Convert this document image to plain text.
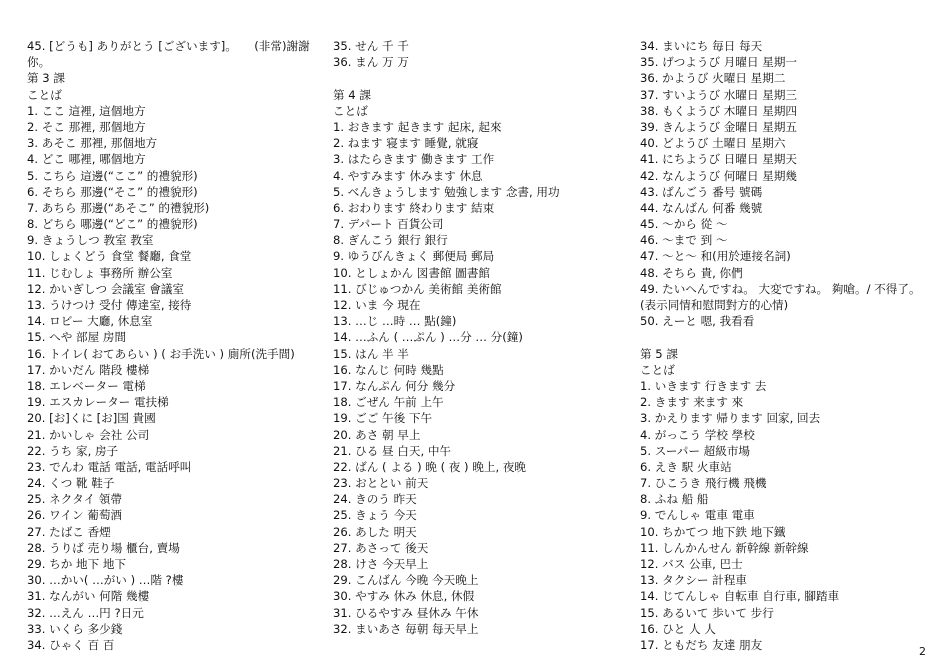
45. [どうも] ありがとう [ございます]。　　(非常)謝謝
你。
第 3 課
ことば
1. ここ 這裡, 這個地方
2. そこ 那裡, 那個地方
3. あそこ 那裡, 那個地方
4. どこ 哪裡, 哪個地方
5. こちら 這邊(“ここ” 的禮貌形)
6. そちら 那邊(“そこ” 的禮貌形)
7. あちら 那邊(“あそこ” 的禮貌形)
8. どちら 哪邊(“どこ” 的禮貌形)
9. きょうしつ 教室 教室
10. しょくどう 食堂 餐廳, 食堂
11. じむしょ 事務所 辦公室
12. かいぎしつ 会議室 會議室
13. うけつけ 受付 傳達室, 接待
14. ロビー 大廳, 休息室
15. へや 部屋 房間
16. トイレ( おてあらい ) ( お手洗い ) 廁所(洗手間)
17. かいだん 階段 樓梯
18. エレベーター 電梯
19. エスカレーター 電扶梯
20. [お]くに [お]国 貴國
21. かいしゃ 会社 公司
22. うち 家, 房子
23. でんわ 電話 電話, 電話呼叫
24. くつ 靴 鞋子
25. ネクタイ 領帶
26. ワイン 葡萄酒
27. たばこ 香煙
28. うりば 売り場 櫃台, 賣場
29. ちか 地下 地下
30. …かい( …がい ) …階 ?樓
31. なんがい 何階 幾樓
32. …えん …円 ?日元
33. いくら 多少錢
34. ひゃく 百 百
35. せん 千 千
36. まん 万 万
第 4 課
ことば
1. おきます 起きます 起床, 起來
2. ねます 寝ます 睡覺, 就寢
3. はたらきます 働きます 工作
4. やすみます 休みます 休息
5. べんきょうします 勉強します 念書, 用功
6. おわります 終わります 結束
7. デパート 百貨公司
8. ぎんこう 銀行 銀行
9. ゆうびんきょく 郵便局 郵局
10. としょかん 図書館 圖書館
11. びじゅつかん 美術館 美術館
12. いま 今 現在
13. …じ …時 … 點(鐘)
14. …ふん ( …ぷん ) …分 … 分(鐘)
15. はん 半 半
16. なんじ 何時 幾點
17. なんぷん 何分 幾分
18. ごぜん 午前 上午
19. ごご 午後 下午
20. あさ 朝 早上
21. ひる 昼 白天, 中午
22. ばん ( よる ) 晩 ( 夜 ) 晚上, 夜晚
23. おととい 前天
24. きのう 昨天
25. きょう 今天
26. あした 明天
27. あさって 後天
28. けさ 今天早上
29. こんばん 今晚 今天晚上
30. やすみ 休み 休息, 休假
31. ひるやすみ 昼休み 午休
32. まいあさ 毎朝 每天早上
34. まいにち 毎日 每天
35. げつようび 月曜日 星期一
36. かようび 火曜日 星期二
37. すいようび 水曜日 星期三
38. もくようび 木曜日 星期四
39. きんようび 金曜日 星期五
40. どようび 土曜日 星期六
41. にちようび 日曜日 星期天
42. なんようび 何曜日 星期幾
43. ばんごう 番号 號碼
44. なんばん 何番 幾號
45. ～から 從 ～
46. ～まで 到 ～
47. ～と～ 和(用於連接名詞)
48. そちら 貴, 你們
49. たいへんですね。 大変ですね。 夠嗆。/ 不得了。
(表示同情和慰問對方的心情)
50. えーと 嗯, 我看看
第 5 課
ことば
1. いきます 行きます 去
2. きます 来ます 來
3. かえります 帰ります 回家, 回去
4. がっこう 学校 學校
5. スーパー 超級市場
6. えき 駅 火車站
7. ひこうき 飛行機 飛機
8. ふね 船 船
9. でんしゃ 電車 電車
10. ちかてつ 地下鉄 地下鐵
11. しんかんせん 新幹線 新幹線
12. バス 公車, 巴士
13. タクシー 計程車
14. じてんしゃ 自転車 自行車, 腳踏車
15. あるいて 歩いて 步行
16. ひと 人 人
17. ともだち 友達 朋友	2
